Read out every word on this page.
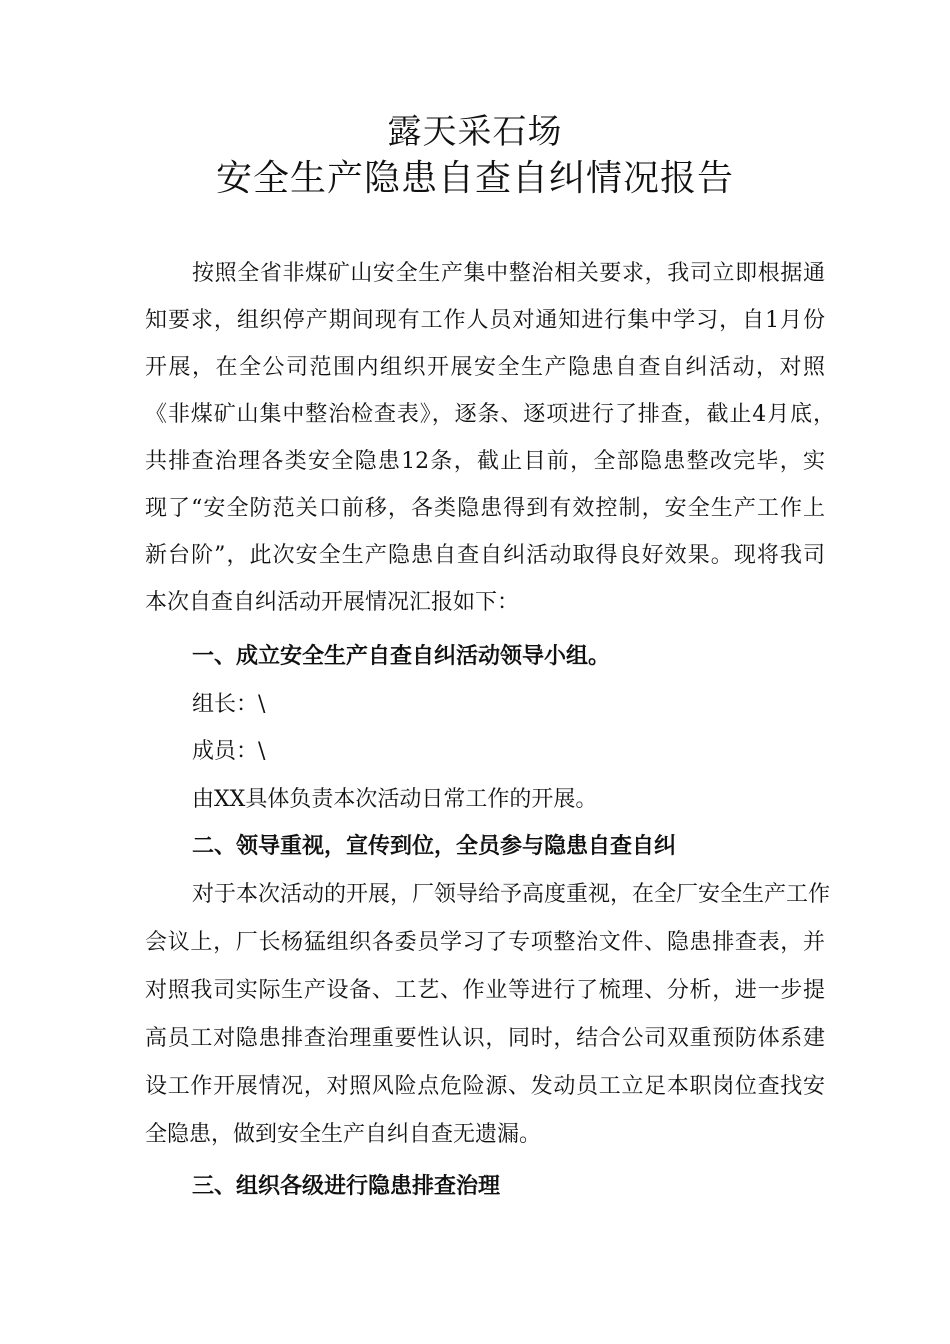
露天采石场
安全生产隐患自查自纠情况报告

按照全省非煤矿山安全生产集中整治相关要求，我司立即根据通

知要求，组织停产期间现有工作人员对通知进行集中学习，自1月份

开展，在全公司范围内组织开展安全生产隐患自查自纠活动，对照

《非煤矿山集中整治检查表》，逐条、逐项进行了排查，截止4月底，

共排查治理各类安全隐患12条，截止目前，全部隐患整改完毕，实

现了“安全防范关口前移，各类隐患得到有效控制，安全生产工作上

新台阶”，此次安全生产隐患自查自纠活动取得良好效果。现将我司

本次自查自纠活动开展情况汇报如下：

一、成立安全生产自查自纠活动领导小组。

组长：\

成员：\

由XX具体负责本次活动日常工作的开展。

二、领导重视，宣传到位，全员参与隐患自查自纠

对于本次活动的开展，厂领导给予高度重视，在全厂安全生产工作

会议上，厂长杨猛组织各委员学习了专项整治文件、隐患排查表，并

对照我司实际生产设备、工艺、作业等进行了梳理、分析，进一步提

高员工对隐患排查治理重要性认识，同时，结合公司双重预防体系建

设工作开展情况，对照风险点危险源、发动员工立足本职岗位查找安

全隐患，做到安全生产自纠自查无遗漏。

三、组织各级进行隐患排查治理
